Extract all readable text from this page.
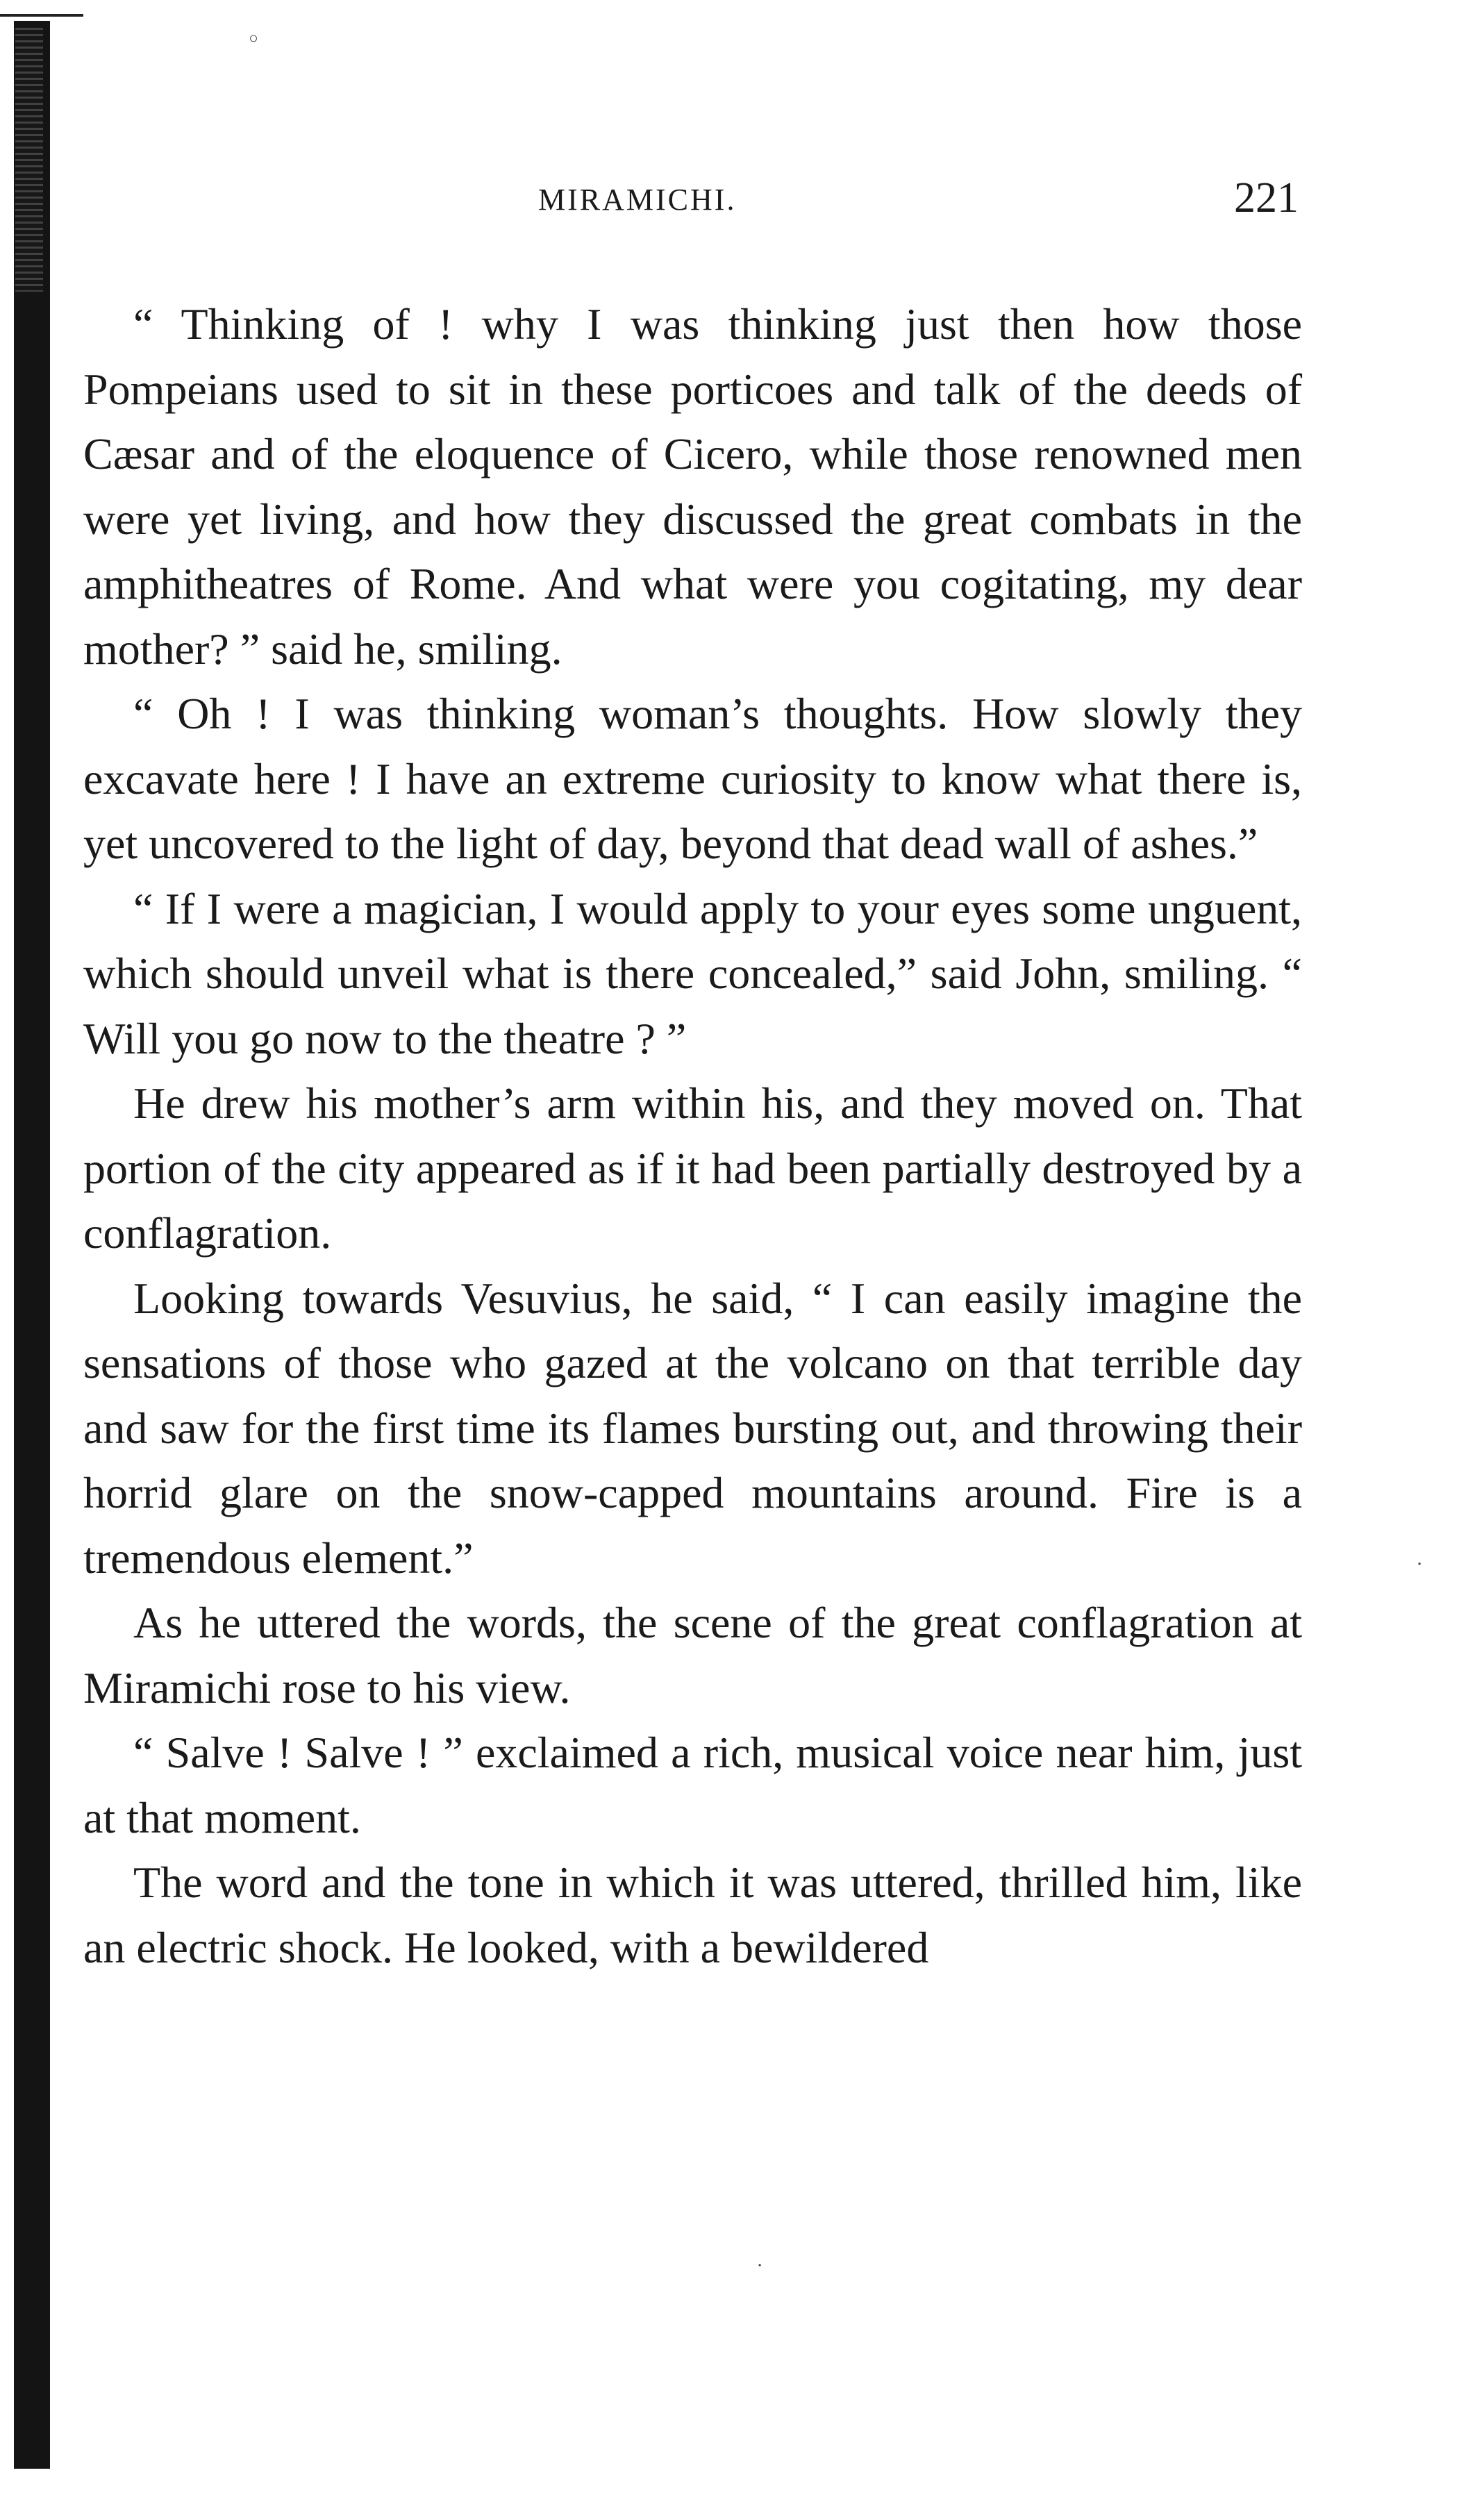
◦
·
·
MIRAMICHI.	221

“ Thinking of ! why I was thinking just then how those Pompeians used to sit in these porticoes and talk of the deeds of Cæsar and of the eloquence of Cicero, while those renowned men were yet living, and how they discussed the great combats in the amphitheatres of Rome. And what were you cogitating, my dear mother? ” said he, smiling.

“ Oh ! I was thinking woman’s thoughts. How slowly they excavate here ! I have an extreme curiosity to know what there is, yet uncovered to the light of day, beyond that dead wall of ashes.”

“ If I were a magician, I would apply to your eyes some unguent, which should unveil what is there concealed,” said John, smiling. “ Will you go now to the theatre ? ”

He drew his mother’s arm within his, and they moved on. That portion of the city appeared as if it had been partially destroyed by a conflagration.

Looking towards Vesuvius, he said, “ I can easily imagine the sensations of those who gazed at the volcano on that terrible day and saw for the first time its flames bursting out, and throwing their horrid glare on the snow-capped mountains around. Fire is a tremendous element.”

As he uttered the words, the scene of the great conflagration at Miramichi rose to his view.

“ Salve ! Salve ! ” exclaimed a rich, musical voice near him, just at that moment.

The word and the tone in which it was uttered, thrilled him, like an electric shock. He looked, with a bewildered
